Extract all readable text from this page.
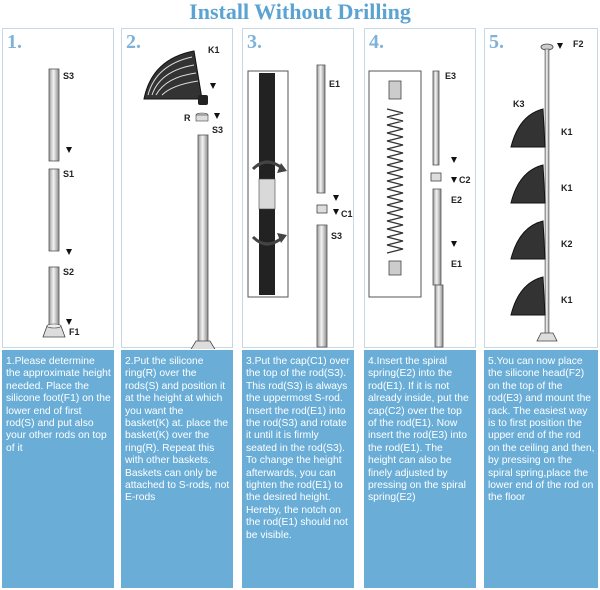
Install Without Drilling
1.
S3
S1
S2
F1
1.Please determine the approximate height needed. Place the silicone foot(F1) on the lower end of first rod(S) and put also your other rods on top of it
2.	K1
R
S3
2.Put the silicone ring(R) over the rods(S) and position it at the height at which you want the basket(K) at. place the basket(K) over the ring(R). Repeat this with other baskets. Baskets can only be attached to S-rods, not E-rods
3.
E1
C1
S3
3.Put the cap(C1) over the top of the rod(S3). This rod(S3) is always the uppermost S-rod. Insert the rod(E1) into the rod(S3) and rotate it until it is firmly seated in the rod(S3). To change the height afterwards, you can tighten the rod(E1) to the desired height. Hereby, the notch on the rod(E1) should not be visible.
4.
E3
C2
E2
E1
4.Insert the spiral spring(E2) into the rod(E1). If it is not already inside, put the cap(C2) over the top of the rod(E1). Now insert the rod(E3) into the rod(E1). The height can also be finely adjusted by pressing on the spiral spring(E2)
5.	F2
K3
K1
K1
K2
K1
5.You can now place the silicone head(F2) on the top of the rod(E3) and mount the rack. The easiest way is to first position the upper end of the rod on the ceiling and then, by pressing on the spiral spring,place the lower end of the rod on the floor
